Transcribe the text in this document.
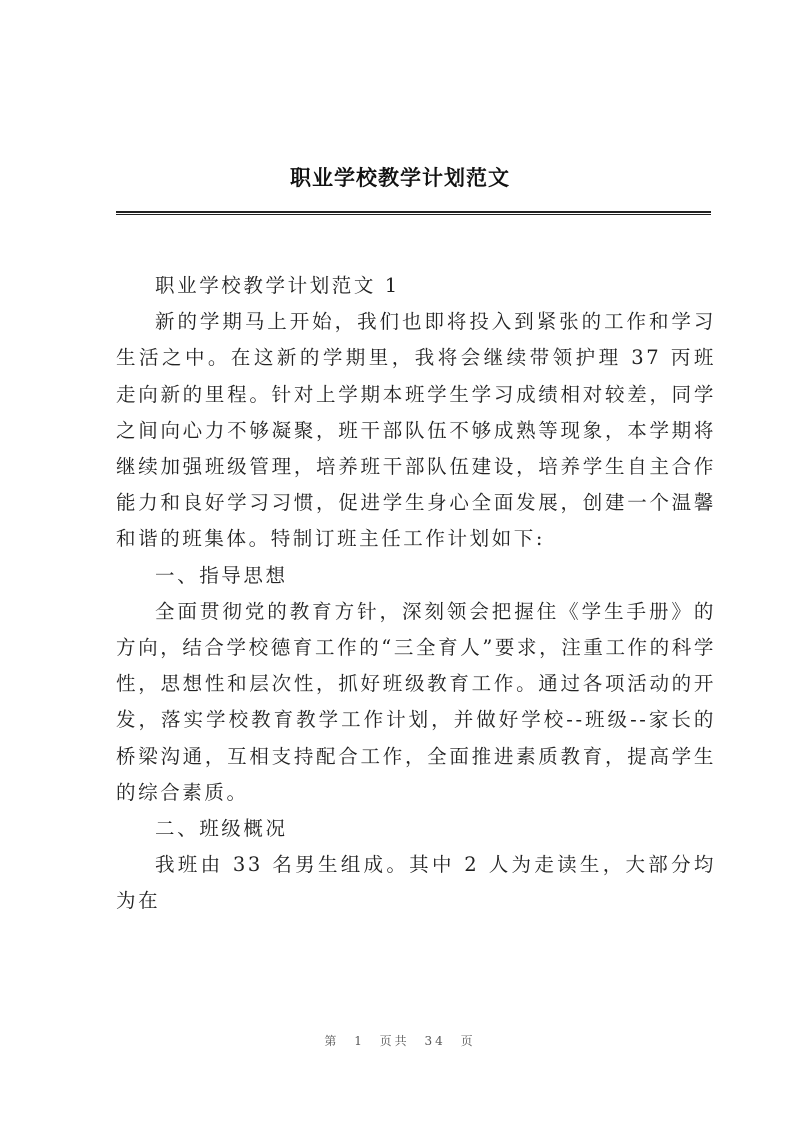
职业学校教学计划范文

职业学校教学计划范文 1

新的学期马上开始，我们也即将投入到紧张的工作和学习生活之中。在这新的学期里，我将会继续带领护理 37 丙班走向新的里程。针对上学期本班学生学习成绩相对较差，同学之间向心力不够凝聚，班干部队伍不够成熟等现象，本学期将继续加强班级管理，培养班干部队伍建设，培养学生自主合作能力和良好学习习惯，促进学生身心全面发展，创建一个温馨和谐的班集体。特制订班主任工作计划如下:

一、指导思想

全面贯彻党的教育方针，深刻领会把握住《学生手册》的方向，结合学校德育工作的“三全育人”要求，注重工作的科学性，思想性和层次性，抓好班级教育工作。通过各项活动的开发，落实学校教育教学工作计划，并做好学校--班级--家长的桥梁沟通，互相支持配合工作，全面推进素质教育，提高学生的综合素质。

二、班级概况

我班由 33 名男生组成。其中 2 人为走读生，大部分均为在

第 1 页共 34 页
